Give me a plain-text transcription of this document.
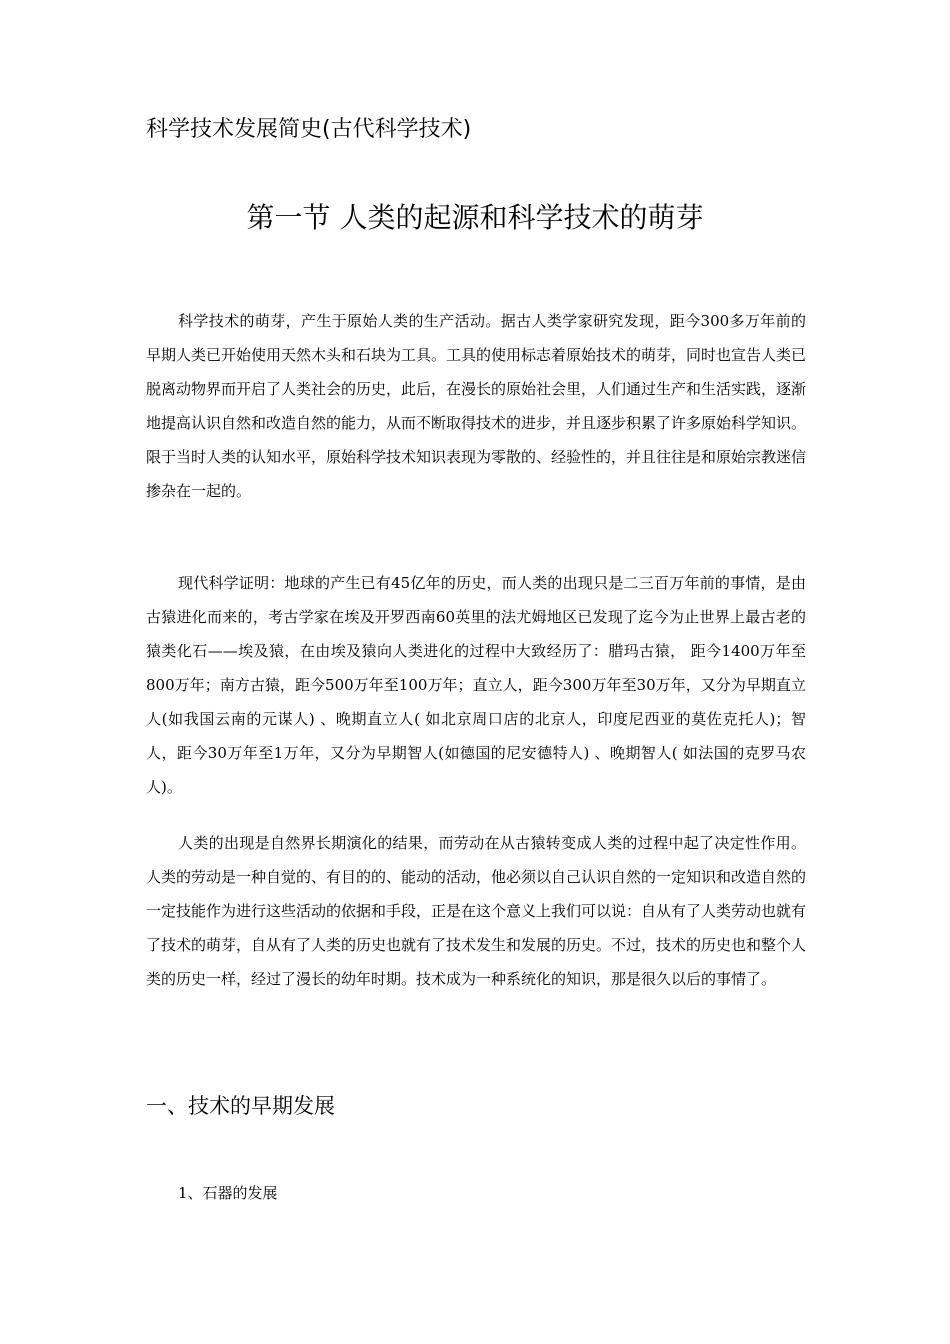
科学技术发展简史(古代科学技术)
第一节 人类的起源和科学技术的萌芽

科学技术的萌芽，产生于原始人类的生产活动。据古人类学家研究发现，距今300多万年前的早期人类已开始使用天然木头和石块为工具。工具的使用标志着原始技术的萌芽，同时也宣告人类已脱离动物界而开启了人类社会的历史，此后，在漫长的原始社会里，人们通过生产和生活实践，逐渐地提高认识自然和改造自然的能力，从而不断取得技术的进步，并且逐步积累了许多原始科学知识。限于当时人类的认知水平，原始科学技术知识表现为零散的、经验性的，并且往往是和原始宗教迷信掺杂在一起的。

现代科学证明：地球的产生已有45亿年的历史，而人类的出现只是二三百万年前的事情，是由古猿进化而来的，考古学家在埃及开罗西南60英里的法尤姆地区已发现了迄今为止世界上最古老的猿类化石——埃及猿，在由埃及猿向人类进化的过程中大致经历了：腊玛古猿， 距今1400万年至800万年；南方古猿，距今500万年至100万年；直立人，距今300万年至30万年，又分为早期直立人(如我国云南的元谋人) 、晚期直立人( 如北京周口店的北京人，印度尼西亚的莫佐克托人)；智人，距今30万年至1万年，又分为早期智人(如德国的尼安德特人) 、晚期智人( 如法国的克罗马农人)。

人类的出现是自然界长期演化的结果，而劳动在从古猿转变成人类的过程中起了决定性作用。人类的劳动是一种自觉的、有目的的、能动的活动，他必须以自己认识自然的一定知识和改造自然的一定技能作为进行这些活动的依据和手段，正是在这个意义上我们可以说：自从有了人类劳动也就有了技术的萌芽，自从有了人类的历史也就有了技术发生和发展的历史。不过，技术的历史也和整个人类的历史一样，经过了漫长的幼年时期。技术成为一种系统化的知识，那是很久以后的事情了。

一、技术的早期发展
1、石器的发展
